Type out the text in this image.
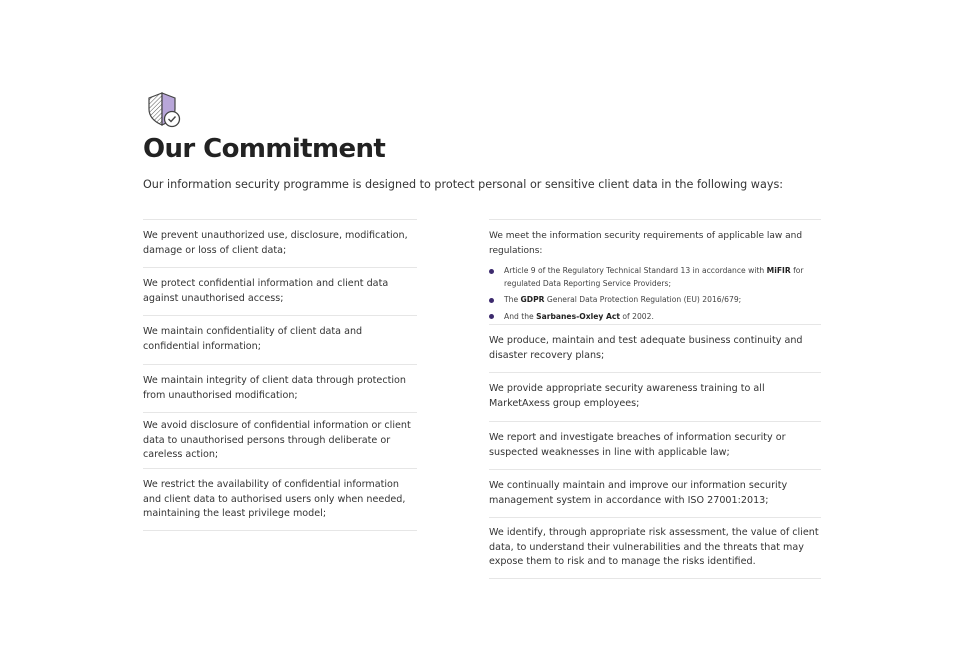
Our Commitment
Our information security programme is designed to protect personal or sensitive client data in the following ways:
We prevent unauthorized use, disclosure, modification, damage or loss of client data;
We protect confidential information and client data against unauthorised access;
We maintain confidentiality of client data and confidential information;
We maintain integrity of client data through protection from unauthorised modification;
We avoid disclosure of confidential information or client data to unauthorised persons through deliberate or careless action;
We restrict the availability of confidential information and client data to authorised users only when needed, maintaining the least privilege model;
We meet the information security requirements of applicable law and regulations:
Article 9 of the Regulatory Technical Standard 13 in accordance with MiFIR for regulated Data Reporting Service Providers;
The GDPR General Data Protection Regulation (EU) 2016/679;
And the Sarbanes-Oxley Act of 2002.
We produce, maintain and test adequate business continuity and disaster recovery plans;
We provide appropriate security awareness training to all MarketAxess group employees;
We report and investigate breaches of information security or suspected weaknesses in line with applicable law;
We continually maintain and improve our information security management system in accordance with ISO 27001:2013;
We identify, through appropriate risk assessment, the value of client data, to understand their vulnerabilities and the threats that may expose them to risk and to manage the risks identified.
